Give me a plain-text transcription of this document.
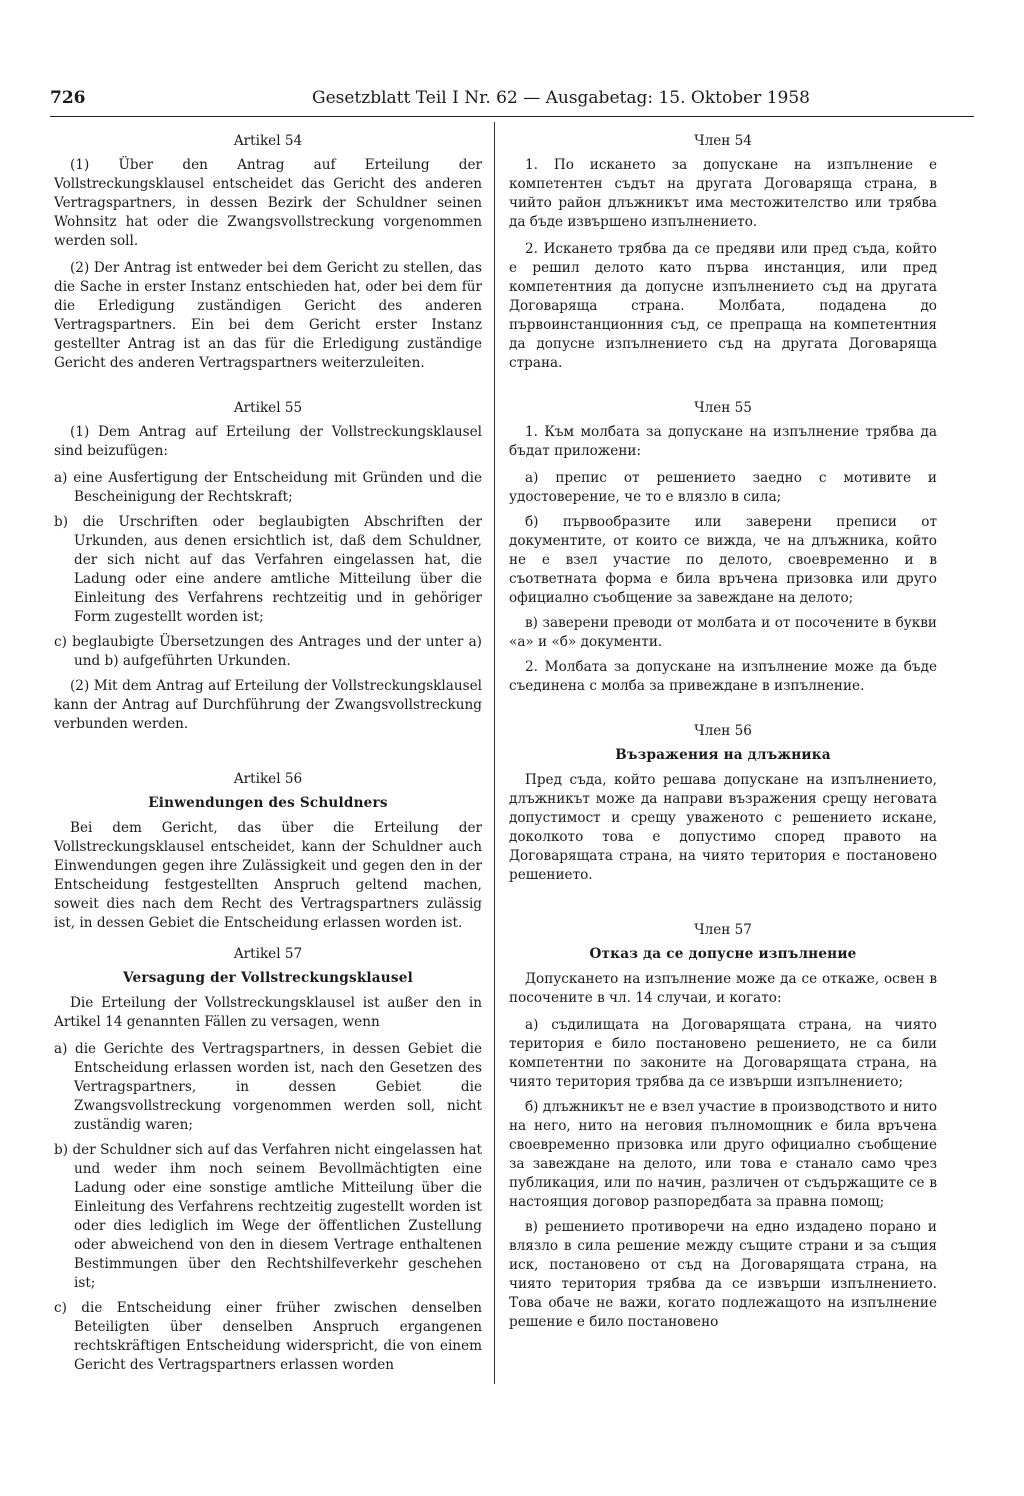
726	Gesetzblatt Teil I Nr. 62 — Ausgabetag: 15. Oktober 1958
Artikel 54

(1) Über den Antrag auf Erteilung der Vollstreckungsklausel entscheidet das Gericht des anderen Vertragspartners, in dessen Bezirk der Schuldner seinen Wohnsitz hat oder die Zwangsvollstreckung vorgenommen werden soll.

(2) Der Antrag ist entweder bei dem Gericht zu stellen, das die Sache in erster Instanz entschieden hat, oder bei dem für die Erledigung zuständigen Gericht des anderen Vertragspartners. Ein bei dem Gericht erster Instanz gestellter Antrag ist an das für die Erledigung zuständige Gericht des anderen Vertragspartners weiterzuleiten.

Artikel 55

(1) Dem Antrag auf Erteilung der Vollstreckungsklausel sind beizufügen:

a) eine Ausfertigung der Entscheidung mit Gründen und die Bescheinigung der Rechtskraft;

b) die Urschriften oder beglaubigten Abschriften der Urkunden, aus denen ersichtlich ist, daß dem Schuldner, der sich nicht auf das Verfahren eingelassen hat, die Ladung oder eine andere amtliche Mitteilung über die Einleitung des Verfahrens rechtzeitig und in gehöriger Form zugestellt worden ist;

c) beglaubigte Übersetzungen des Antrages und der unter a) und b) aufgeführten Urkunden.

(2) Mit dem Antrag auf Erteilung der Vollstreckungsklausel kann der Antrag auf Durchführung der Zwangsvollstreckung verbunden werden.

Artikel 56
Einwendungen des Schuldners

Bei dem Gericht, das über die Erteilung der Vollstreckungsklausel entscheidet, kann der Schuldner auch Einwendungen gegen ihre Zulässigkeit und gegen den in der Entscheidung festgestellten Anspruch geltend machen, soweit dies nach dem Recht des Vertragspartners zulässig ist, in dessen Gebiet die Entscheidung erlassen worden ist.

Artikel 57
Versagung der Vollstreckungsklausel

Die Erteilung der Vollstreckungsklausel ist außer den in Artikel 14 genannten Fällen zu versagen, wenn

a) die Gerichte des Vertragspartners, in dessen Gebiet die Entscheidung erlassen worden ist, nach den Gesetzen des Vertragspartners, in dessen Gebiet die Zwangsvollstreckung vorgenommen werden soll, nicht zuständig waren;

b) der Schuldner sich auf das Verfahren nicht eingelassen hat und weder ihm noch seinem Bevollmächtigten eine Ladung oder eine sonstige amtliche Mitteilung über die Einleitung des Verfahrens rechtzeitig zugestellt worden ist oder dies lediglich im Wege der öffentlichen Zustellung oder abweichend von den in diesem Vertrage enthaltenen Bestimmungen über den Rechtshilfeverkehr geschehen ist;

c) die Entscheidung einer früher zwischen denselben Beteiligten über denselben Anspruch ergangenen rechtskräftigen Entscheidung widerspricht, die von einem Gericht des Vertragspartners erlassen worden

Член 54

1. По искането за допускане на изпълнение е компетентен съдът на другата Договаряща страна, в чийто район длъжникът има местожителство или трябва да бъде извършено изпълнението.

2. Искането трябва да се предяви или пред съда, който е решил делото като първа инстанция, или пред компетентния да допусне изпълнението съд на другата Договаряща страна. Молбата, подадена до първоинстанционния съд, се препраща на компетентния да допусне изпълнението съд на другата Договаряща страна.

Член 55

1. Към молбата за допускане на изпълнение трябва да бъдат приложени:

а) препис от решението заедно с мотивите и удостоверение, че то е влязло в сила;

б) първообразите или заверени преписи от документите, от които се вижда, че на длъжника, който не е взел участие по делото, своевременно и в съответната форма е била връчена призовка или друго официално съобщение за завеждане на делото;

в) заверени преводи от молбата и от посочените в букви «а» и «б» документи.

2. Молбата за допускане на изпълнение може да бъде съединена с молба за привеждане в изпълнение.

Член 56
Възражения на длъжника

Пред съда, който решава допускане на изпълнението, длъжникът може да направи възражения срещу неговата допустимост и срещу уваженото с решението искане, доколкото това е допустимо според правото на Договарящата страна, на чиято територия е постановено решението.

Член 57
Отказ да се допусне изпълнение

Допускането на изпълнение може да се откаже, освен в посочените в чл. 14 случаи, и когато:

а) съдилищата на Договарящата страна, на чиято територия е било постановено решението, не са били компетентни по законите на Договарящата страна, на чиято територия трябва да се извърши изпълнението;

б) длъжникът не е взел участие в производството и нито на него, нито на неговия пълномощник е била връчена своевременно призовка или друго официално съобщение за завеждане на делото, или това е станало само чрез публикация, или по начин, различен от съдържащите се в настоящия договор разпоредбата за правна помощ;

в) решението противоречи на едно издадено порано и влязло в сила решение между същите страни и за същия иск, постановено от съд на Договарящата страна, на чиято територия трябва да се извърши изпълнението. Това обаче не важи, когато подлежащото на изпълнение решение е било постановено
